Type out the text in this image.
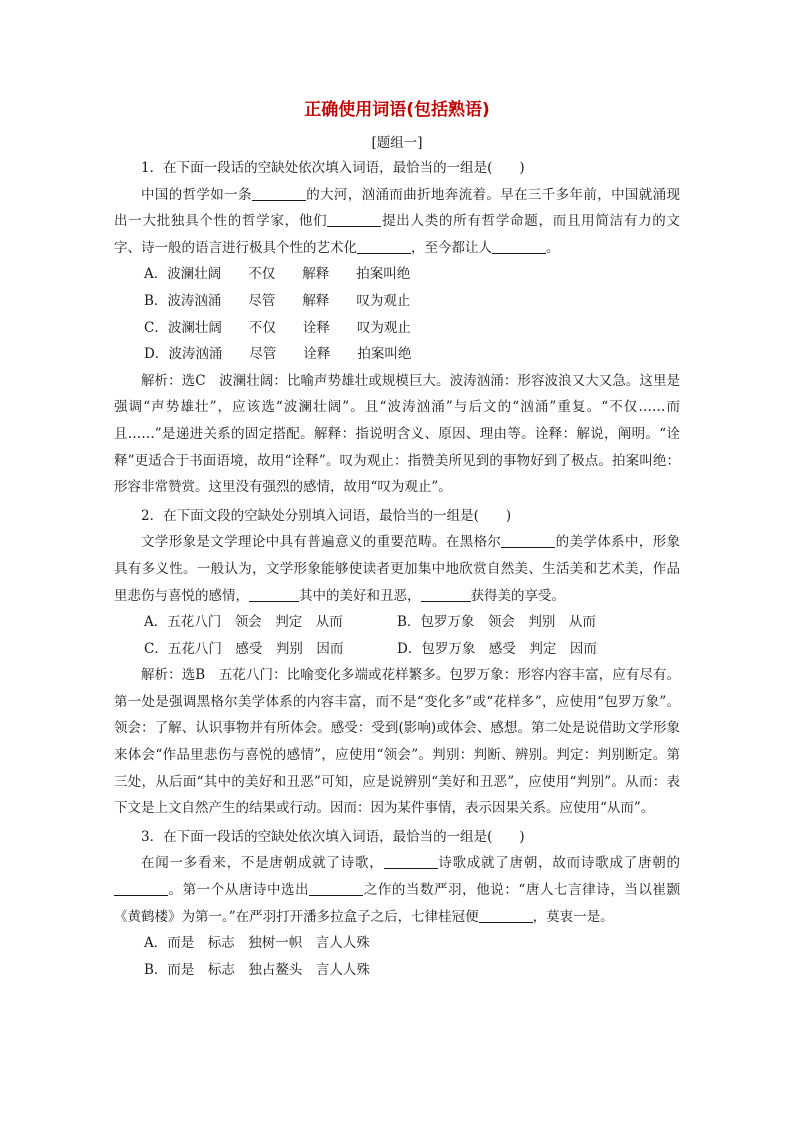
正确使用词语(包括熟语)
[题组一]

1．在下面一段话的空缺处依次填入词语，最恰当的一组是(　　)

中国的哲学如一条	的大河，汹涌而曲折地奔流着。早在三千多年前，中国就涌现出一大批独具个性的哲学家，他们	提出人类的所有哲学命题，而且用简洁有力的文字、诗一般的语言进行极具个性的艺术化	，至今都让人	。

A．波澜壮阔　　不仅　　解释　　拍案叫绝

B．波涛汹涌　　尽管　　解释　　叹为观止

C．波澜壮阔　　不仅　　诠释　　叹为观止

D．波涛汹涌　　尽管　　诠释　　拍案叫绝

解析：选C　波澜壮阔：比喻声势雄壮或规模巨大。波涛汹涌：形容波浪又大又急。这里是强调“声势雄壮”，应该选“波澜壮阔”。且“波涛汹涌”与后文的“汹涌”重复。“不仅……而且……”是递进关系的固定搭配。解释：指说明含义、原因、理由等。诠释：解说，阐明。“诠释”更适合于书面语境，故用“诠释”。叹为观止：指赞美所见到的事物好到了极点。拍案叫绝：形容非常赞赏。这里没有强烈的感情，故用“叹为观止”。

2．在下面文段的空缺处分别填入词语，最恰当的一组是(　　)

文学形象是文学理论中具有普遍意义的重要范畴。在黑格尔	的美学体系中，形象具有多义性。一般认为，文学形象能够使读者更加集中地欣赏自然美、生活美和艺术美，作品里悲伤与喜悦的感情，	其中的美好和丑恶，	获得美的享受。

A．五花八门　领会　判定　从而	B．包罗万象　领会　判别　从而
C．五花八门　感受　判别　因而	D．包罗万象　感受　判定　因而

解析：选B　五花八门：比喻变化多端或花样繁多。包罗万象：形容内容丰富，应有尽有。第一处是强调黑格尔美学体系的内容丰富，而不是“变化多”或“花样多”，应使用“包罗万象”。领会：了解、认识事物并有所体会。感受：受到(影响)或体会、感想。第二处是说借助文学形象来体会“作品里悲伤与喜悦的感情”，应使用“领会”。判别：判断、辨别。判定：判别断定。第三处，从后面“其中的美好和丑恶”可知，应是说辨别“美好和丑恶”，应使用“判别”。从而：表下文是上文自然产生的结果或行动。因而：因为某件事情，表示因果关系。应使用“从而”。

3．在下面一段话的空缺处依次填入词语，最恰当的一组是(　　)

在闻一多看来，不是唐朝成就了诗歌，	诗歌成就了唐朝，故而诗歌成了唐朝的。第一个从唐诗中选出	之作的当数严羽，他说：“唐人七言律诗，当以崔颢《黄鹤楼》为第一。”在严羽打开潘多拉盒子之后，七律桂冠便	，莫衷一是。

A．而是　标志　独树一帜　言人人殊

B．而是　标志　独占鳌头　言人人殊
